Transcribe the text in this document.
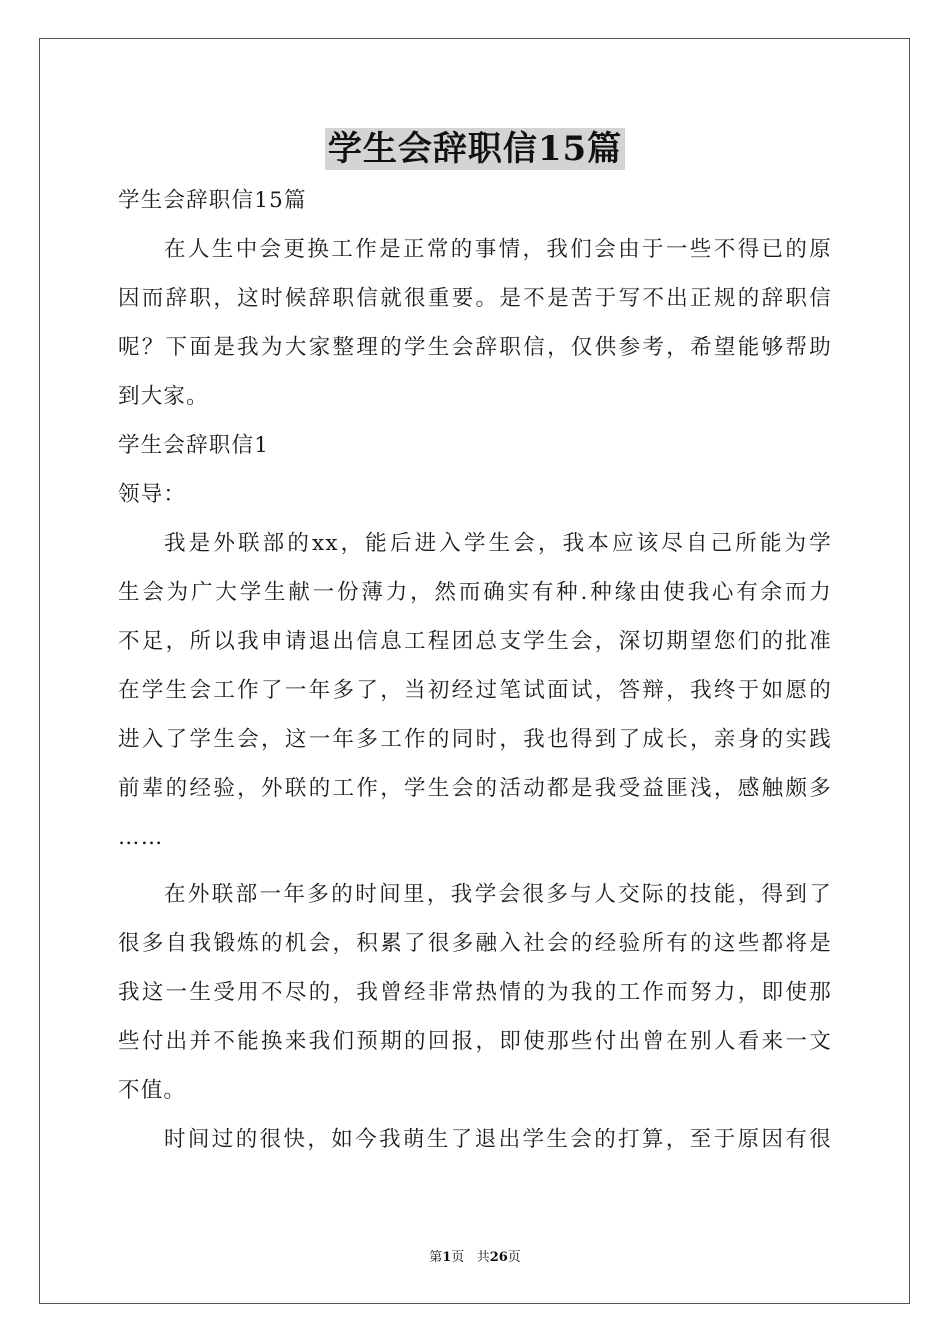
学生会辞职信15篇
学生会辞职信15篇
在人生中会更换工作是正常的事情，我们会由于一些不得已的原
因而辞职，这时候辞职信就很重要。是不是苦于写不出正规的辞职信
呢？下面是我为大家整理的学生会辞职信，仅供参考，希望能够帮助
到大家。
学生会辞职信1
领导：
我是外联部的xx，能后进入学生会，我本应该尽自己所能为学
生会为广大学生献一份薄力，然而确实有种.种缘由使我心有余而力
不足，所以我申请退出信息工程团总支学生会，深切期望您们的批准
在学生会工作了一年多了，当初经过笔试面试，答辩，我终于如愿的
进入了学生会，这一年多工作的同时，我也得到了成长，亲身的实践
前辈的经验，外联的工作，学生会的活动都是我受益匪浅，感触颇多
……
在外联部一年多的时间里，我学会很多与人交际的技能，得到了
很多自我锻炼的机会，积累了很多融入社会的经验所有的这些都将是
我这一生受用不尽的，我曾经非常热情的为我的工作而努力，即使那
些付出并不能换来我们预期的回报，即使那些付出曾在别人看来一文
不值。
时间过的很快，如今我萌生了退出学生会的打算，至于原因有很
第1页 共26页
